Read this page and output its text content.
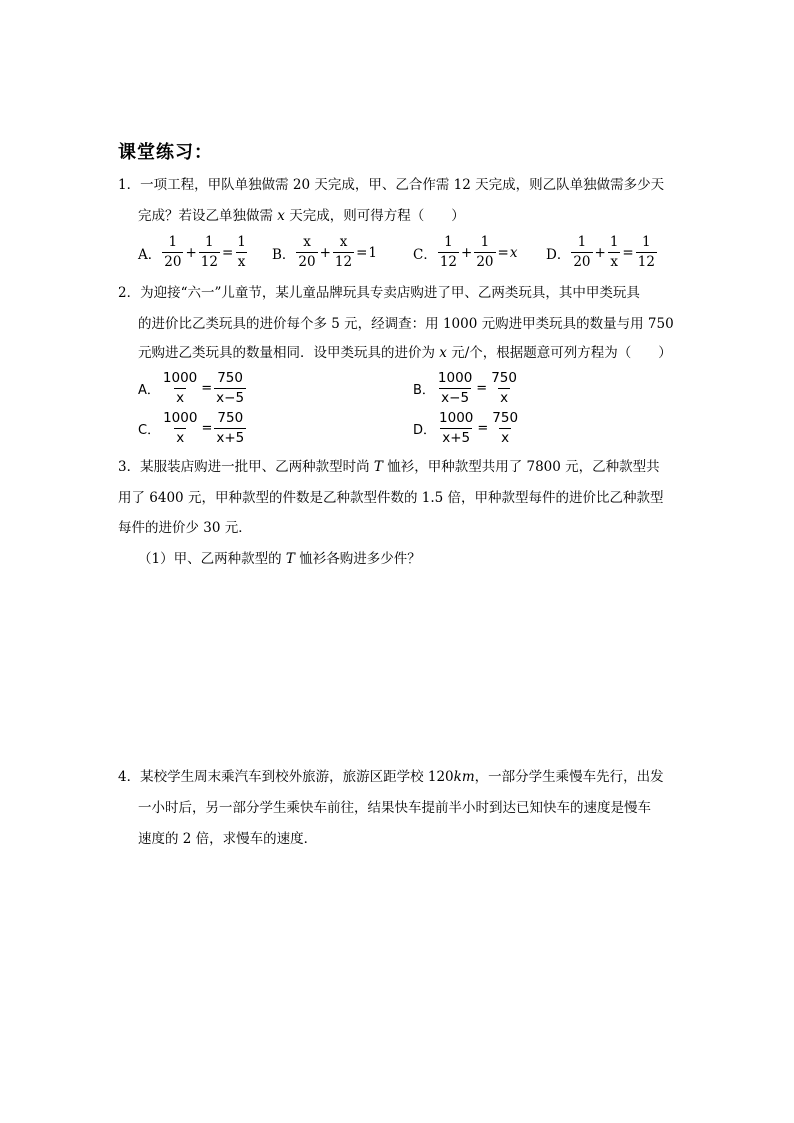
课堂练习：
1．一项工程，甲队单独做需 20 天完成，甲、乙合作需 12 天完成，则乙队单独做需多少天
完成？若设乙单独做需 x 天完成，则可得方程（　　）
A． $\frac{1}{20} + \frac{1}{12} = \frac{1}{x}$ B． $\frac{x}{20} + \frac{x}{12} = 1$	C． $\frac{1}{12} + \frac{1}{20} = x$ D． $\frac{1}{20} + \frac{1}{x} = \frac{1}{12}$
2．为迎接“六一”儿童节，某儿童品牌玩具专卖店购进了甲、乙两类玩具，其中甲类玩具
的进价比乙类玩具的进价每个多 5 元，经调查：用 1000 元购进甲类玩具的数量与用 750
元购进乙类玩具的数量相同．设甲类玩具的进价为 x 元/个，根据题意可列方程为（　　）
A． $\frac{1000}{x} = \frac{750}{x-5}$	B． $\frac{1000}{x-5} = \frac{750}{x}$
C． $\frac{1000}{x} = \frac{750}{x+5}$	D． $\frac{1000}{x+5} = \frac{750}{x}$
3．某服装店购进一批甲、乙两种款型时尚 T 恤衫，甲种款型共用了 7800 元，乙种款型共
用了 6400 元，甲种款型的件数是乙种款型件数的 1.5 倍，甲种款型每件的进价比乙种款型
每件的进价少 30 元．
（1）甲、乙两种款型的 T 恤衫各购进多少件？
4．某校学生周末乘汽车到校外旅游，旅游区距学校 120km，一部分学生乘慢车先行，出发
一小时后，另一部分学生乘快车前往，结果快车提前半小时到达已知快车的速度是慢车
速度的 2 倍，求慢车的速度．
